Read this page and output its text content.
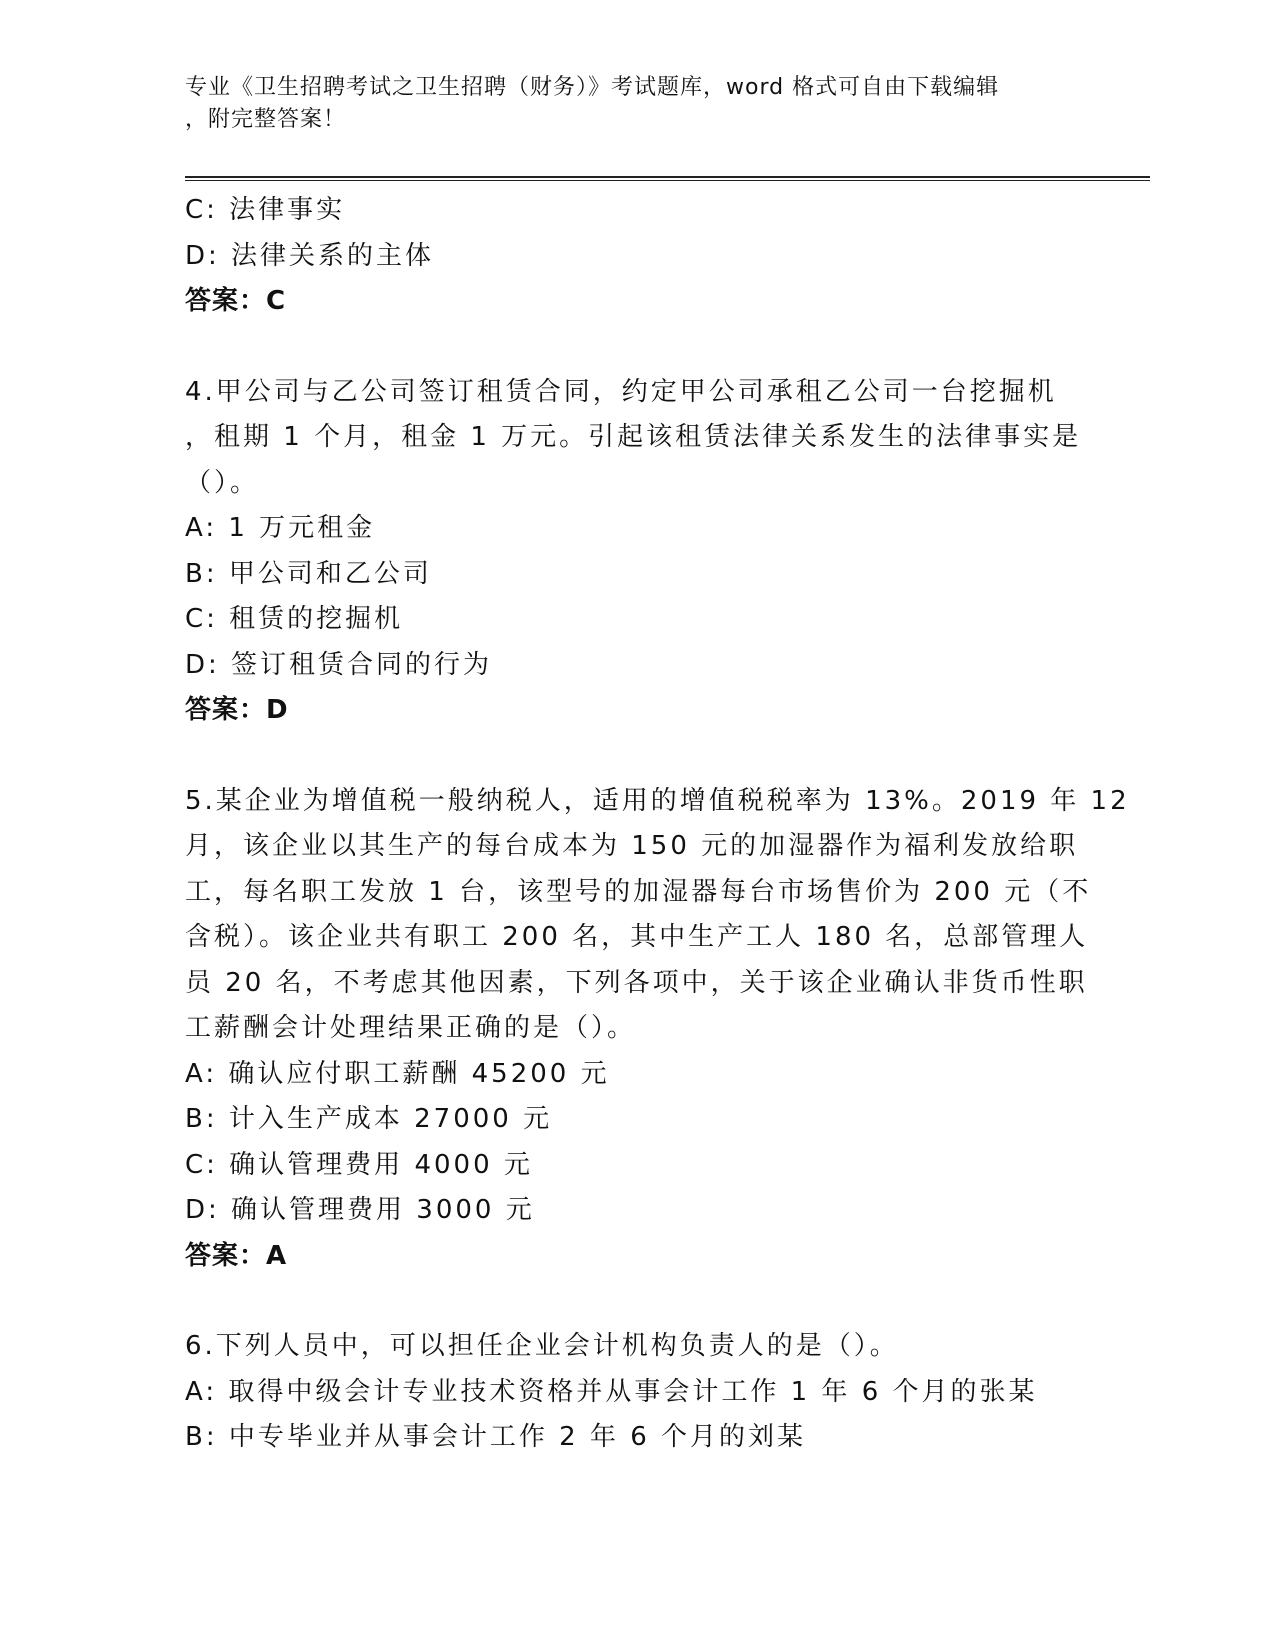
专业《卫生招聘考试之卫生招聘（财务）》考试题库，word 格式可自由下载编辑
，附完整答案！
C: 法律事实
D: 法律关系的主体
答案：C
4.甲公司与乙公司签订租赁合同，约定甲公司承租乙公司一台挖掘机
，租期 1 个月，租金 1 万元。引起该租赁法律关系发生的法律事实是
（）。
A: 1 万元租金
B: 甲公司和乙公司
C: 租赁的挖掘机
D: 签订租赁合同的行为
答案：D
5.某企业为增值税一般纳税人，适用的增值税税率为 13%。2019 年 12
月，该企业以其生产的每台成本为 150 元的加湿器作为福利发放给职
工，每名职工发放 1 台，该型号的加湿器每台市场售价为 200 元（不
含税）。该企业共有职工 200 名，其中生产工人 180 名，总部管理人
员 20 名，不考虑其他因素，下列各项中，关于该企业确认非货币性职
工薪酬会计处理结果正确的是（）。
A: 确认应付职工薪酬 45200 元
B: 计入生产成本 27000 元
C: 确认管理费用 4000 元
D: 确认管理费用 3000 元
答案：A
6.下列人员中，可以担任企业会计机构负责人的是（）。
A: 取得中级会计专业技术资格并从事会计工作 1 年 6 个月的张某
B: 中专毕业并从事会计工作 2 年 6 个月的刘某
